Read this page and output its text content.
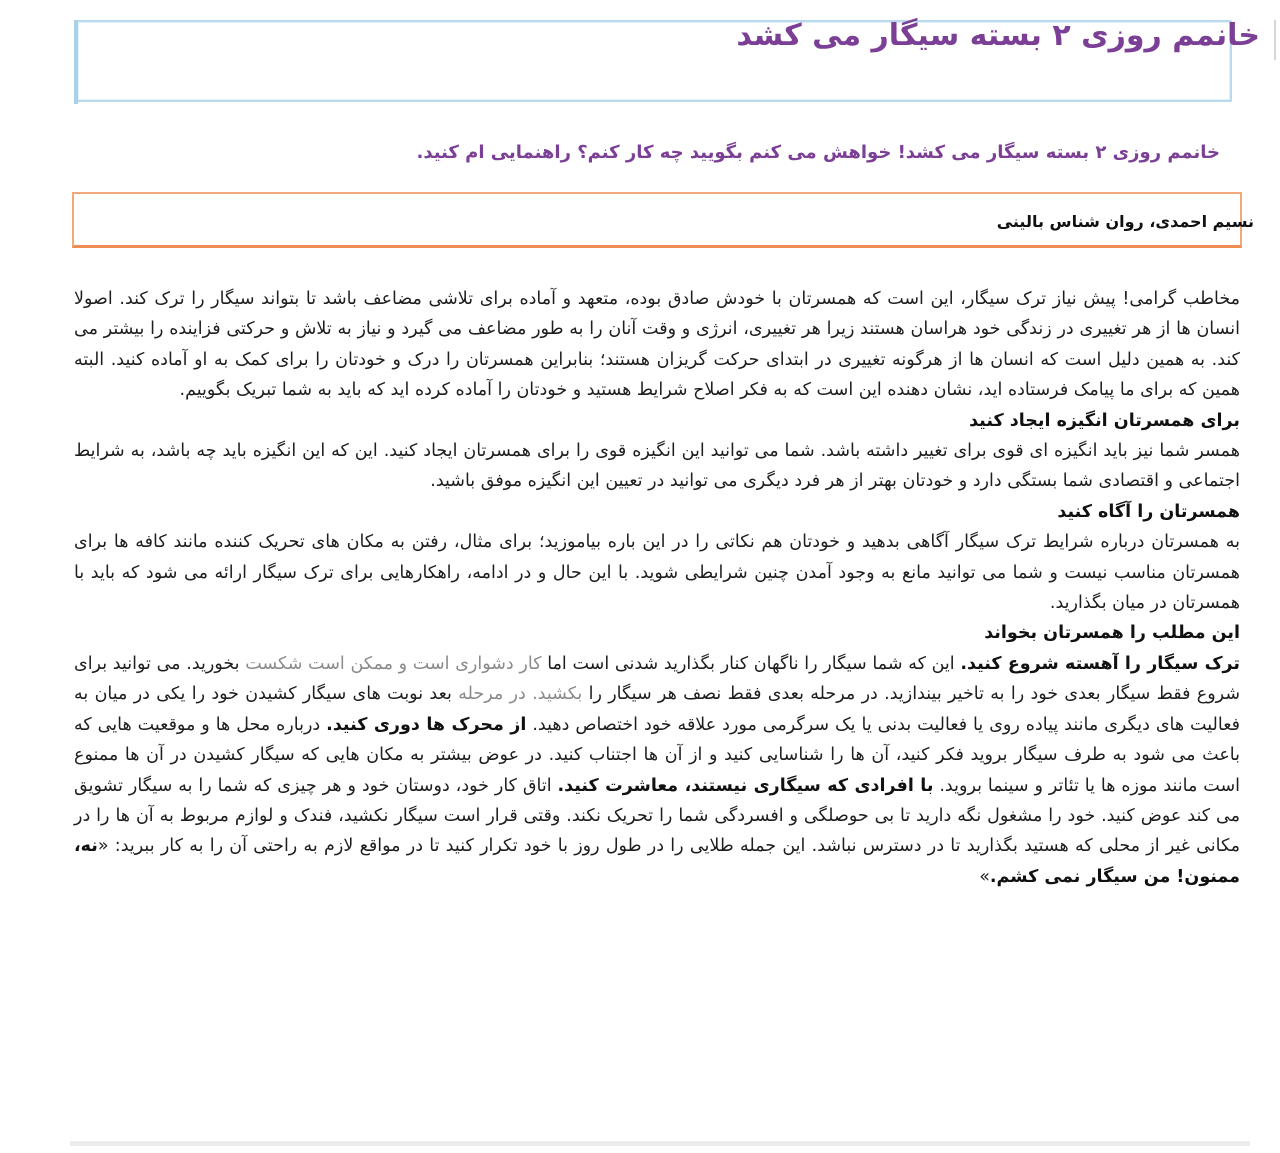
خانمم روزی ۲ بسته سیگار می کشد

خانمم روزی ۲ بسته سیگار می کشد! خواهش می کنم بگویید چه کار کنم؟ راهنمایی ام کنید.

نسیم احمدی، روان شناس بالینی

مخاطب گرامی! پیش نیاز ترک سیگار، این است که همسرتان با خودش صادق بوده، متعهد و آماده برای تلاشی مضاعف باشد تا بتواند سیگار را ترک کند. اصولا انسان ها از هر تغییری در زندگی خود هراسان هستند زیرا هر تغییری، انرژی و وقت آنان را به طور مضاعف می گیرد و نیاز به تلاش و حرکتی فزاینده را بیشتر می کند. به همین دلیل است که انسان ها از هرگونه تغییری در ابتدای حرکت گریزان هستند؛ بنابراین همسرتان را درک و خودتان را برای کمک به او آماده کنید. البته همین که برای ما پیامک فرستاده اید، نشان دهنده این است که به فکر اصلاح شرایط هستید و خودتان را آماده کرده اید که باید به شما تبریک بگوییم.

برای همسرتان انگیزه ایجاد کنید

همسر شما نیز باید انگیزه ای قوی برای تغییر داشته باشد. شما می توانید این انگیزه قوی را برای همسرتان ایجاد کنید. این که این انگیزه باید چه باشد، به شرایط اجتماعی و اقتصادی شما بستگی دارد و خودتان بهتر از هر فرد دیگری می توانید در تعیین این انگیزه موفق باشید.

همسرتان را آگاه کنید

به همسرتان درباره شرایط ترک سیگار آگاهی بدهید و خودتان هم نکاتی را در این باره بیاموزید؛ برای مثال، رفتن به مکان های تحریک کننده مانند کافه ها برای همسرتان مناسب نیست و شما می توانید مانع به وجود آمدن چنین شرایطی شوید. با این حال و در ادامه، راهکارهایی برای ترک سیگار ارائه می شود که باید با همسرتان در میان بگذارید.

این مطلب را همسرتان بخواند

ترک سیگار را آهسته شروع کنید. این که شما سیگار را ناگهان کنار بگذارید شدنی است اما کار دشواری است و ممکن است شکست بخورید. می توانید برای شروع فقط سیگار بعدی خود را به تاخیر بیندازید. در مرحله بعدی فقط نصف هر سیگار را بکشید. در مرحله بعد نوبت های سیگار کشیدن خود را یکی در میان به فعالیت های دیگری مانند پیاده روی یا فعالیت بدنی یا یک سرگرمی مورد علاقه خود اختصاص دهید. از محرک ها دوری کنید. درباره محل ها و موقعیت هایی که باعث می شود به طرف سیگار بروید فکر کنید، آن ها را شناسایی کنید و از آن ها اجتناب کنید. در عوض بیشتر به مکان هایی که سیگار کشیدن در آن ها ممنوع است مانند موزه ها یا تئاتر و سینما بروید. با افرادی که سیگاری نیستند، معاشرت کنید. اتاق کار خود، دوستان خود و هر چیزی که شما را به سیگار تشویق می کند عوض کنید. خود را مشغول نگه دارید تا بی حوصلگی و افسردگی شما را تحریک نکند. وقتی قرار است سیگار نکشید، فندک و لوازم مربوط به آن ها را در مکانی غیر از محلی که هستید بگذارید تا در دسترس نباشد. این جمله طلایی را در طول روز با خود تکرار کنید تا در مواقع لازم به راحتی آن را به کار ببرید: «نه، ممنون! من سیگار نمی کشم.»
